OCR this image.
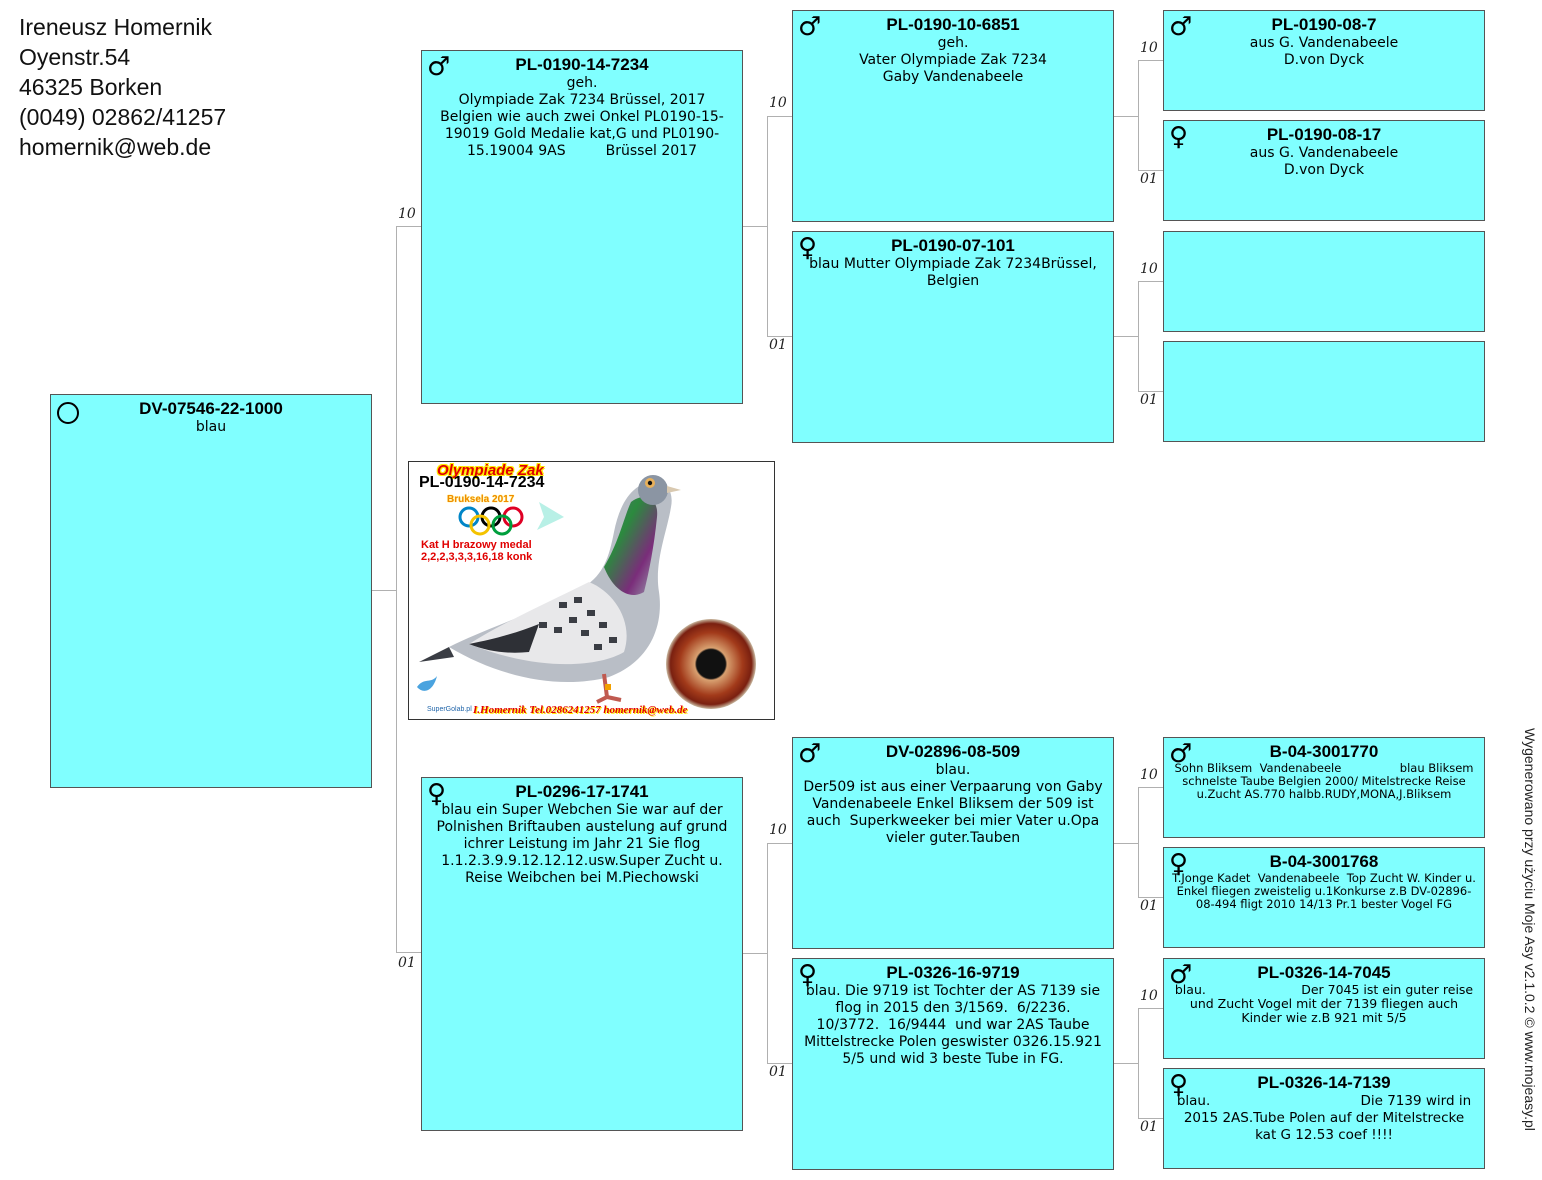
Ireneusz Homernik
Oyenstr.54
46325 Borken
(0049) 02862/41257
homernik@web.de
10
01
10
01
10
01
10
01
10
01
10
01
10
01
DV-07546-22-1000
blau
♂	PL-0190-14-7234
geh.
Olympiade Zak 7234 Brüssel, 2017 Belgien wie auch zwei Onkel PL0190-15-19019 Gold Medalie kat,G und PL0190-15.19004 9AS         Brüssel 2017
♀	PL-0296-17-1741
blau ein Super Webchen Sie war auf der Polnishen Briftauben austelung auf grund ichrer Leistung im Jahr 21 Sie flog 1.1.2.3.9.9.12.12.12.usw.Super Zucht u. Reise Weibchen bei M.Piechowski
♂	PL-0190-10-6851
geh.
Vater Olympiade Zak 7234
Gaby Vandenabeele
♀	PL-0190-07-101
blau Mutter Olympiade Zak 7234Brüssel, Belgien
♂	DV-02896-08-509
blau.
Der509 ist aus einer Verpaarung von Gaby Vandenabeele Enkel Bliksem der 509 ist auch  Superkweeker bei mier Vater u.Opa vieler guter.Tauben
♀	PL-0326-16-9719
blau. Die 9719 ist Tochter der AS 7139 sie flog in 2015 den 3/1569.  6/2236. 10/3772.  16/9444  und war 2AS Taube Mittelstrecke Polen geswister 0326.15.921 5/5 und wid 3 beste Tube in FG.
♂	PL-0190-08-7
aus G. Vandenabeele
D.von Dyck
♀	PL-0190-08-17
aus G. Vandenabeele
D.von Dyck
♂	B-04-3001770
Sohn Bliksem  Vandenabeele                blau Bliksem schnelste Taube Belgien 2000/ Mitelstrecke Reise u.Zucht AS.770 halbb.RUDY,MONA,J.Bliksem
♀	B-04-3001768
T.Jonge Kadet  Vandenabeele  Top Zucht W. Kinder u. Enkel fliegen zweistelig u.1Konkurse z.B DV-02896-08-494 fligt 2010 14/13 Pr.1 bester Vogel FG
♂	PL-0326-14-7045
blau.                        Der 7045 ist ein guter reise und Zucht Vogel mit der 7139 fliegen auch Kinder wie z.B 921 mit 5/5
♀	PL-0326-14-7139
blau.                                   Die 7139 wird in 2015 2AS.Tube Polen auf der Mitelstrecke kat G 12.53 coef !!!!
Olympiade Zak
PL-0190-14-7234
Bruksela 2017
Kat H brazowy medal
2,2,2,3,3,3,16,18 konk
SuperGolab.pl I.Homernik Tel.0286241257 homernik@web.de
Wygenerowano przy użyciu Moje Asy v2.1.0.2 © www.mojeasy.pl
